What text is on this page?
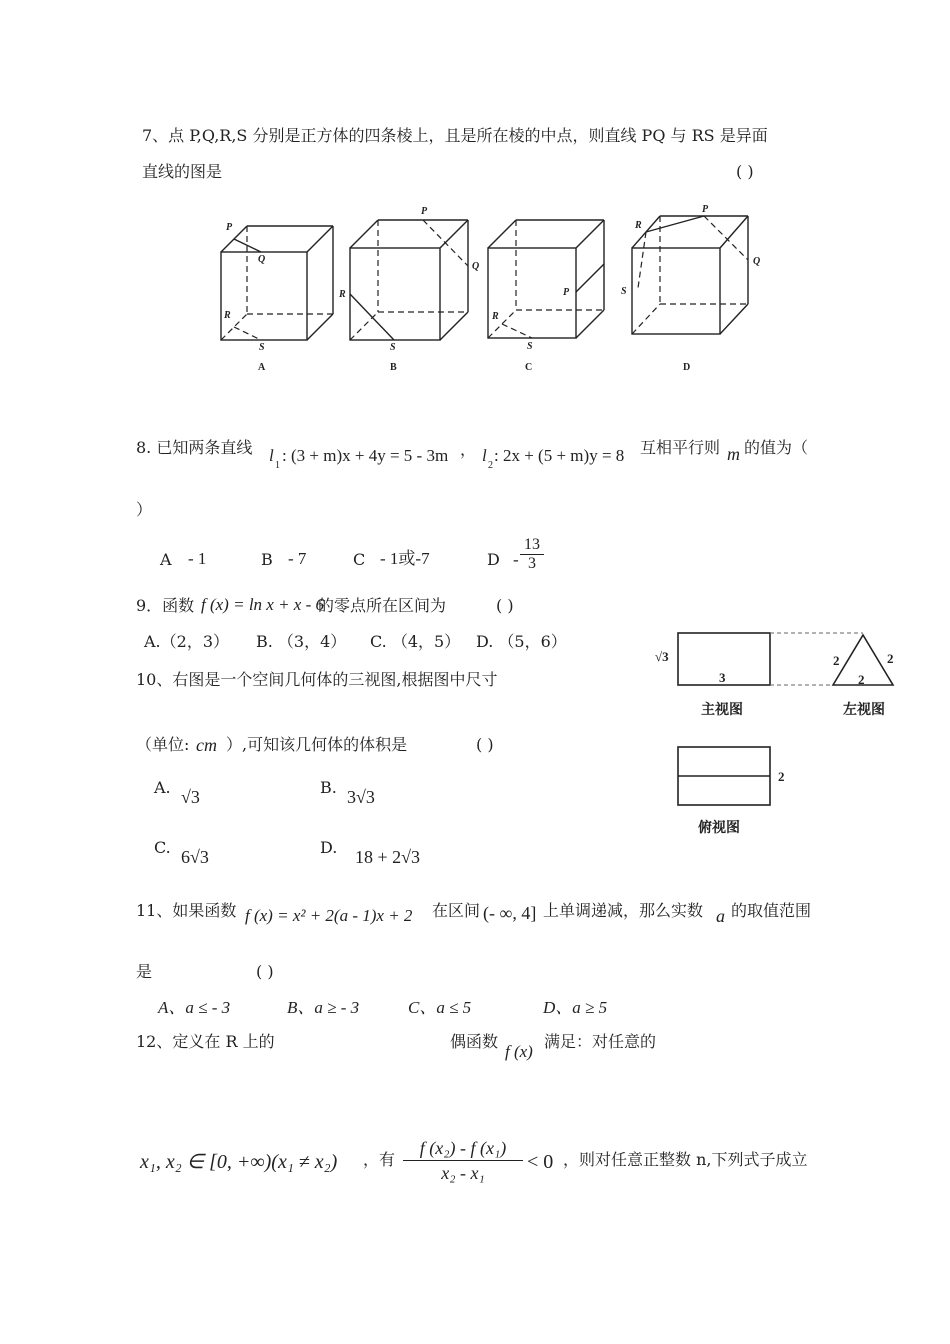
7、点 P,Q,R,S 分别是正方体的四条棱上，且是所在棱的中点，则直线 PQ 与 RS 是异面
直线的图是	( )
P
Q
R
S
A
P
Q
R
S
B
P
R
S
C
P
R
Q
S
D
8. 已知两条直线 l
1
: (3 + m)x + 4y = 5 - 3m ， l
2
: 2x + (5 + m)y = 8 互相平行则 m 的值为（
）
A - 1	B - 7	C - 1或-7	D - $\frac{13}{3}$
9．函数 f (x) = ln x + x - 6
的零点所在区间为	( )
A.（2，3） B. （3，4） C. （4，5） D. （5，6）
10、右图是一个空间几何体的三视图,根据图中尺寸
（单位: cm ）,可知该几何体的体积是	( )
A. √3	B. 3√3
C. 6√3	D. 18 + 2√3
√3
3
2	2
2
2
主视图	左视图
俯视图
11、如果函数 f (x) = x² + 2(a - 1)x + 2 在区间 (- ∞, 4] 上单调递减，那么实数 a 的取值范围
是	( )
A、a ≤ - 3	B、a ≥ - 3	C、a ≤ 5	D、a ≥ 5
12、定义在 R 上的	偶函数
f (x)
满足：对任意的
x₁, x₂ ∈ [0, +∞)(x₁ ≠ x₂) ，有 $\frac{\text{f (x₂) - f (x₁)}}{\text{x₂ - x₁}} < 0$ ，则对任意正整数 n,下列式子成立
